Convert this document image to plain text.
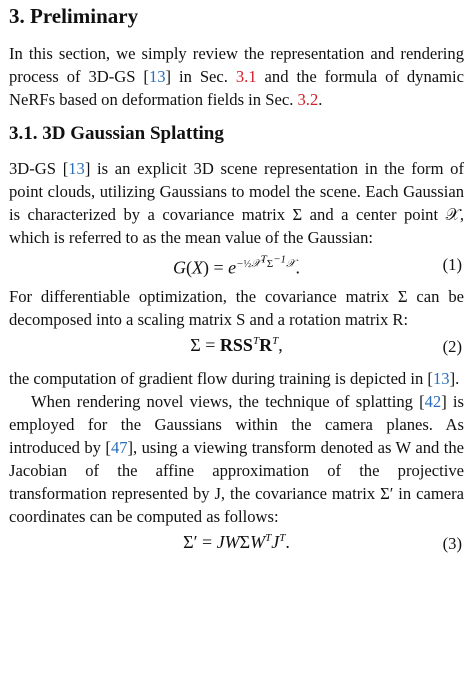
3. Preliminary

In this section, we simply review the representation and rendering process of 3D-GS [13] in Sec. 3.1 and the formula of dynamic NeRFs based on deformation fields in Sec. 3.2.

3.1. 3D Gaussian Splatting

3D-GS [13] is an explicit 3D scene representation in the form of point clouds, utilizing Gaussians to model the scene. Each Gaussian is characterized by a covariance matrix Σ and a center point 𝒳, which is referred to as the mean value of the Gaussian:

$G(X) = e^{-\frac{1}{2}𝒳^T\Sigma^{-1}𝒳}$.	(1)

For differentiable optimization, the covariance matrix Σ can be decomposed into a scaling matrix S and a rotation matrix R:

$\Sigma = RSS^TR^T$,	(2)

the computation of gradient flow during training is depicted in [13].

When rendering novel views, the technique of splatting [42] is employed for the Gaussians within the camera planes. As introduced by [47], using a viewing transform denoted as W and the Jacobian of the affine approximation of the projective transformation represented by J, the covariance matrix Σ′ in camera coordinates can be computed as follows:

$\Sigma' = JW\Sigma W^TJ^T$.	(3)
